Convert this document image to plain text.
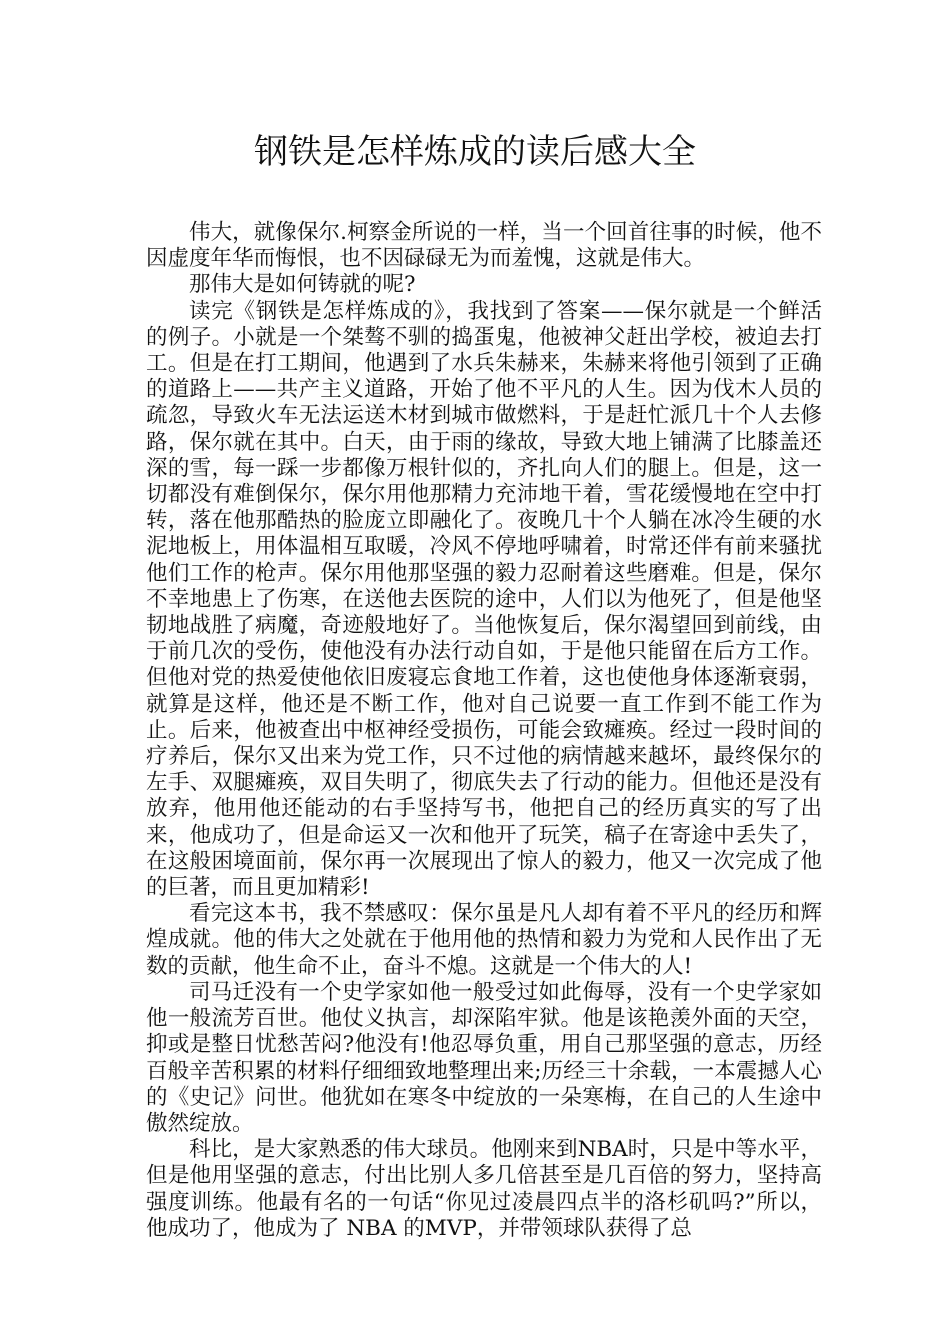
钢铁是怎样炼成的读后感大全

伟大，就像保尔.柯察金所说的一样，当一个回首往事的时候，他不因虚度年华而悔恨，也不因碌碌无为而羞愧，这就是伟大。

那伟大是如何铸就的呢?

读完《钢铁是怎样炼成的》，我找到了答案——保尔就是一个鲜活的例子。小就是一个桀骜不驯的捣蛋鬼，他被神父赶出学校，被迫去打工。但是在打工期间，他遇到了水兵朱赫来，朱赫来将他引领到了正确的道路上——共产主义道路，开始了他不平凡的人生。因为伐木人员的疏忽，导致火车无法运送木材到城市做燃料，于是赶忙派几十个人去修路，保尔就在其中。白天，由于雨的缘故，导致大地上铺满了比膝盖还深的雪，每一踩一步都像万根针似的，齐扎向人们的腿上。但是，这一切都没有难倒保尔，保尔用他那精力充沛地干着，雪花缓慢地在空中打转，落在他那酷热的脸庞立即融化了。夜晚几十个人躺在冰冷生硬的水泥地板上，用体温相互取暖，冷风不停地呼啸着，时常还伴有前来骚扰他们工作的枪声。保尔用他那坚强的毅力忍耐着这些磨难。但是，保尔不幸地患上了伤寒，在送他去医院的途中，人们以为他死了，但是他坚韧地战胜了病魔，奇迹般地好了。当他恢复后，保尔渴望回到前线，由于前几次的受伤，使他没有办法行动自如，于是他只能留在后方工作。但他对党的热爱使他依旧废寝忘食地工作着，这也使他身体逐渐衰弱，就算是这样，他还是不断工作，他对自己说要一直工作到不能工作为止。后来，他被查出中枢神经受损伤，可能会致瘫痪。经过一段时间的疗养后，保尔又出来为党工作，只不过他的病情越来越坏，最终保尔的左手、双腿瘫痪，双目失明了，彻底失去了行动的能力。但他还是没有放弃，他用他还能动的右手坚持写书，他把自己的经历真实的写了出来，他成功了，但是命运又一次和他开了玩笑，稿子在寄途中丢失了，在这般困境面前，保尔再一次展现出了惊人的毅力，他又一次完成了他的巨著，而且更加精彩!

看完这本书，我不禁感叹：保尔虽是凡人却有着不平凡的经历和辉煌成就。他的伟大之处就在于他用他的热情和毅力为党和人民作出了无数的贡献，他生命不止，奋斗不熄。这就是一个伟大的人!

司马迁没有一个史学家如他一般受过如此侮辱，没有一个史学家如他一般流芳百世。他仗义执言，却深陷牢狱。他是该艳羡外面的天空，抑或是整日忧愁苦闷?他没有!他忍辱负重，用自己那坚强的意志，历经百般辛苦积累的材料仔细细致地整理出来;历经三十余载，一本震撼人心的《史记》问世。他犹如在寒冬中绽放的一朵寒梅，在自己的人生途中傲然绽放。

科比，是大家熟悉的伟大球员。他刚来到NBA时，只是中等水平，但是他用坚强的意志，付出比别人多几倍甚至是几百倍的努力，坚持高强度训练。他最有名的一句话“你见过凌晨四点半的洛杉矶吗?”所以，他成功了，他成为了 NBA 的MVP，并带领球队获得了总
